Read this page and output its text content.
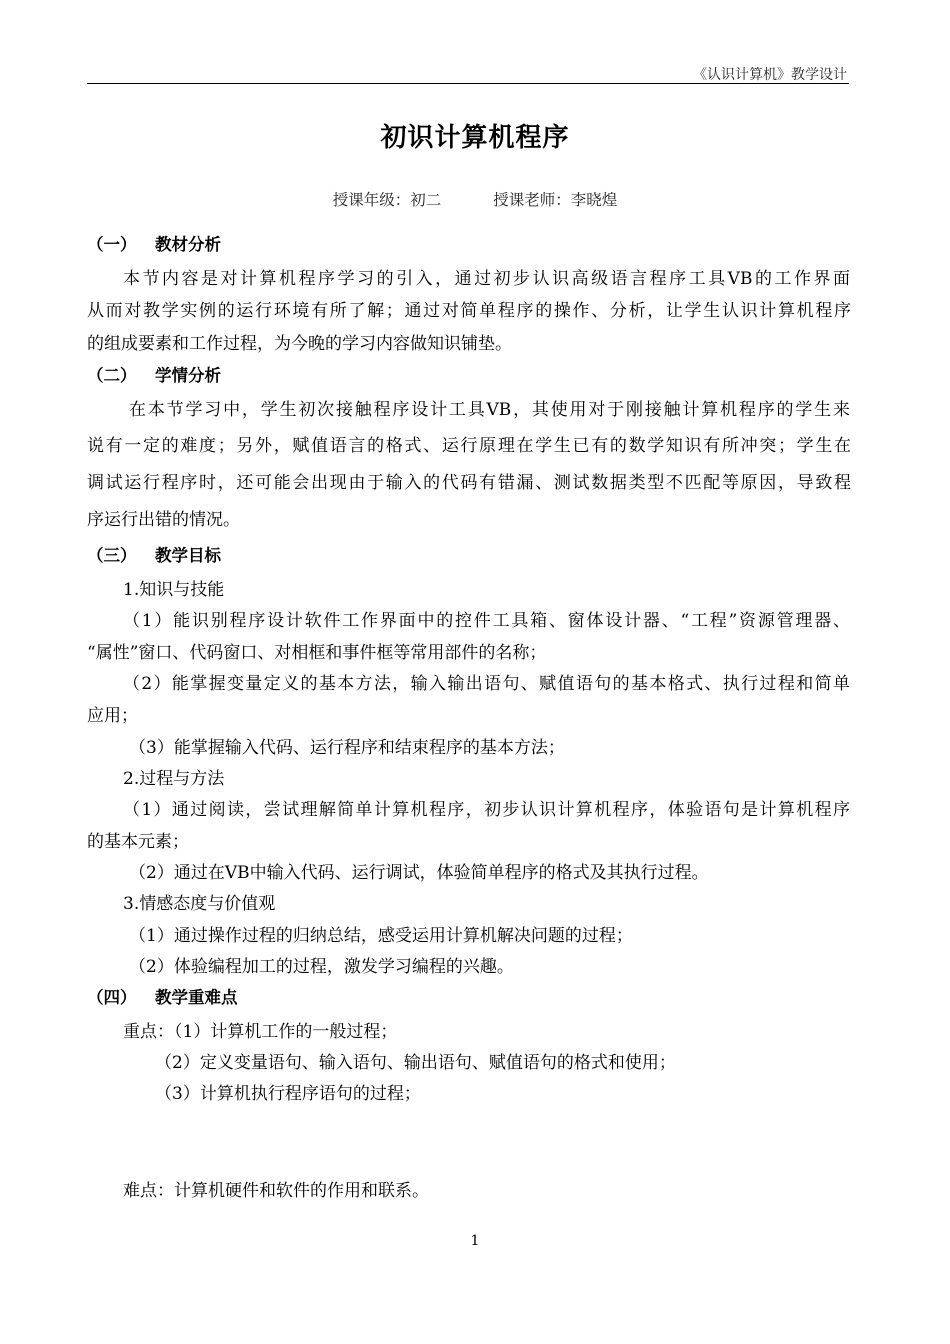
《认识计算机》教学设计
初识计算机程序
授课年级：初二	授课老师：李晓煌
（一） 教材分析
本节内容是对计算机程序学习的引入，通过初步认识高级语言程序工具VB的工作界面
从而对教学实例的运行环境有所了解；通过对简单程序的操作、分析，让学生认识计算机程序
的组成要素和工作过程，为今晚的学习内容做知识铺垫。
（二） 学情分析
在本节学习中，学生初次接触程序设计工具VB，其使用对于刚接触计算机程序的学生来
说有一定的难度；另外，赋值语言的格式、运行原理在学生已有的数学知识有所冲突；学生在
调试运行程序时，还可能会出现由于输入的代码有错漏、测试数据类型不匹配等原因，导致程
序运行出错的情况。
（三） 教学目标
1.知识与技能
（1）能识别程序设计软件工作界面中的控件工具箱、窗体设计器、“工程”资源管理器、
“属性”窗口、代码窗口、对相框和事件框等常用部件的名称；
（2）能掌握变量定义的基本方法，输入输出语句、赋值语句的基本格式、执行过程和简单
应用；
（3）能掌握输入代码、运行程序和结束程序的基本方法；
2.过程与方法
（1）通过阅读，尝试理解简单计算机程序，初步认识计算机程序，体验语句是计算机程序
的基本元素；
（2）通过在VB中输入代码、运行调试，体验简单程序的格式及其执行过程。
3.情感态度与价值观
（1）通过操作过程的归纳总结，感受运用计算机解决问题的过程；
（2）体验编程加工的过程，激发学习编程的兴趣。
（四） 教学重难点
重点：（1）计算机工作的一般过程；
（2）定义变量语句、输入语句、输出语句、赋值语句的格式和使用；
（3）计算机执行程序语句的过程；
难点：计算机硬件和软件的作用和联系。
1
